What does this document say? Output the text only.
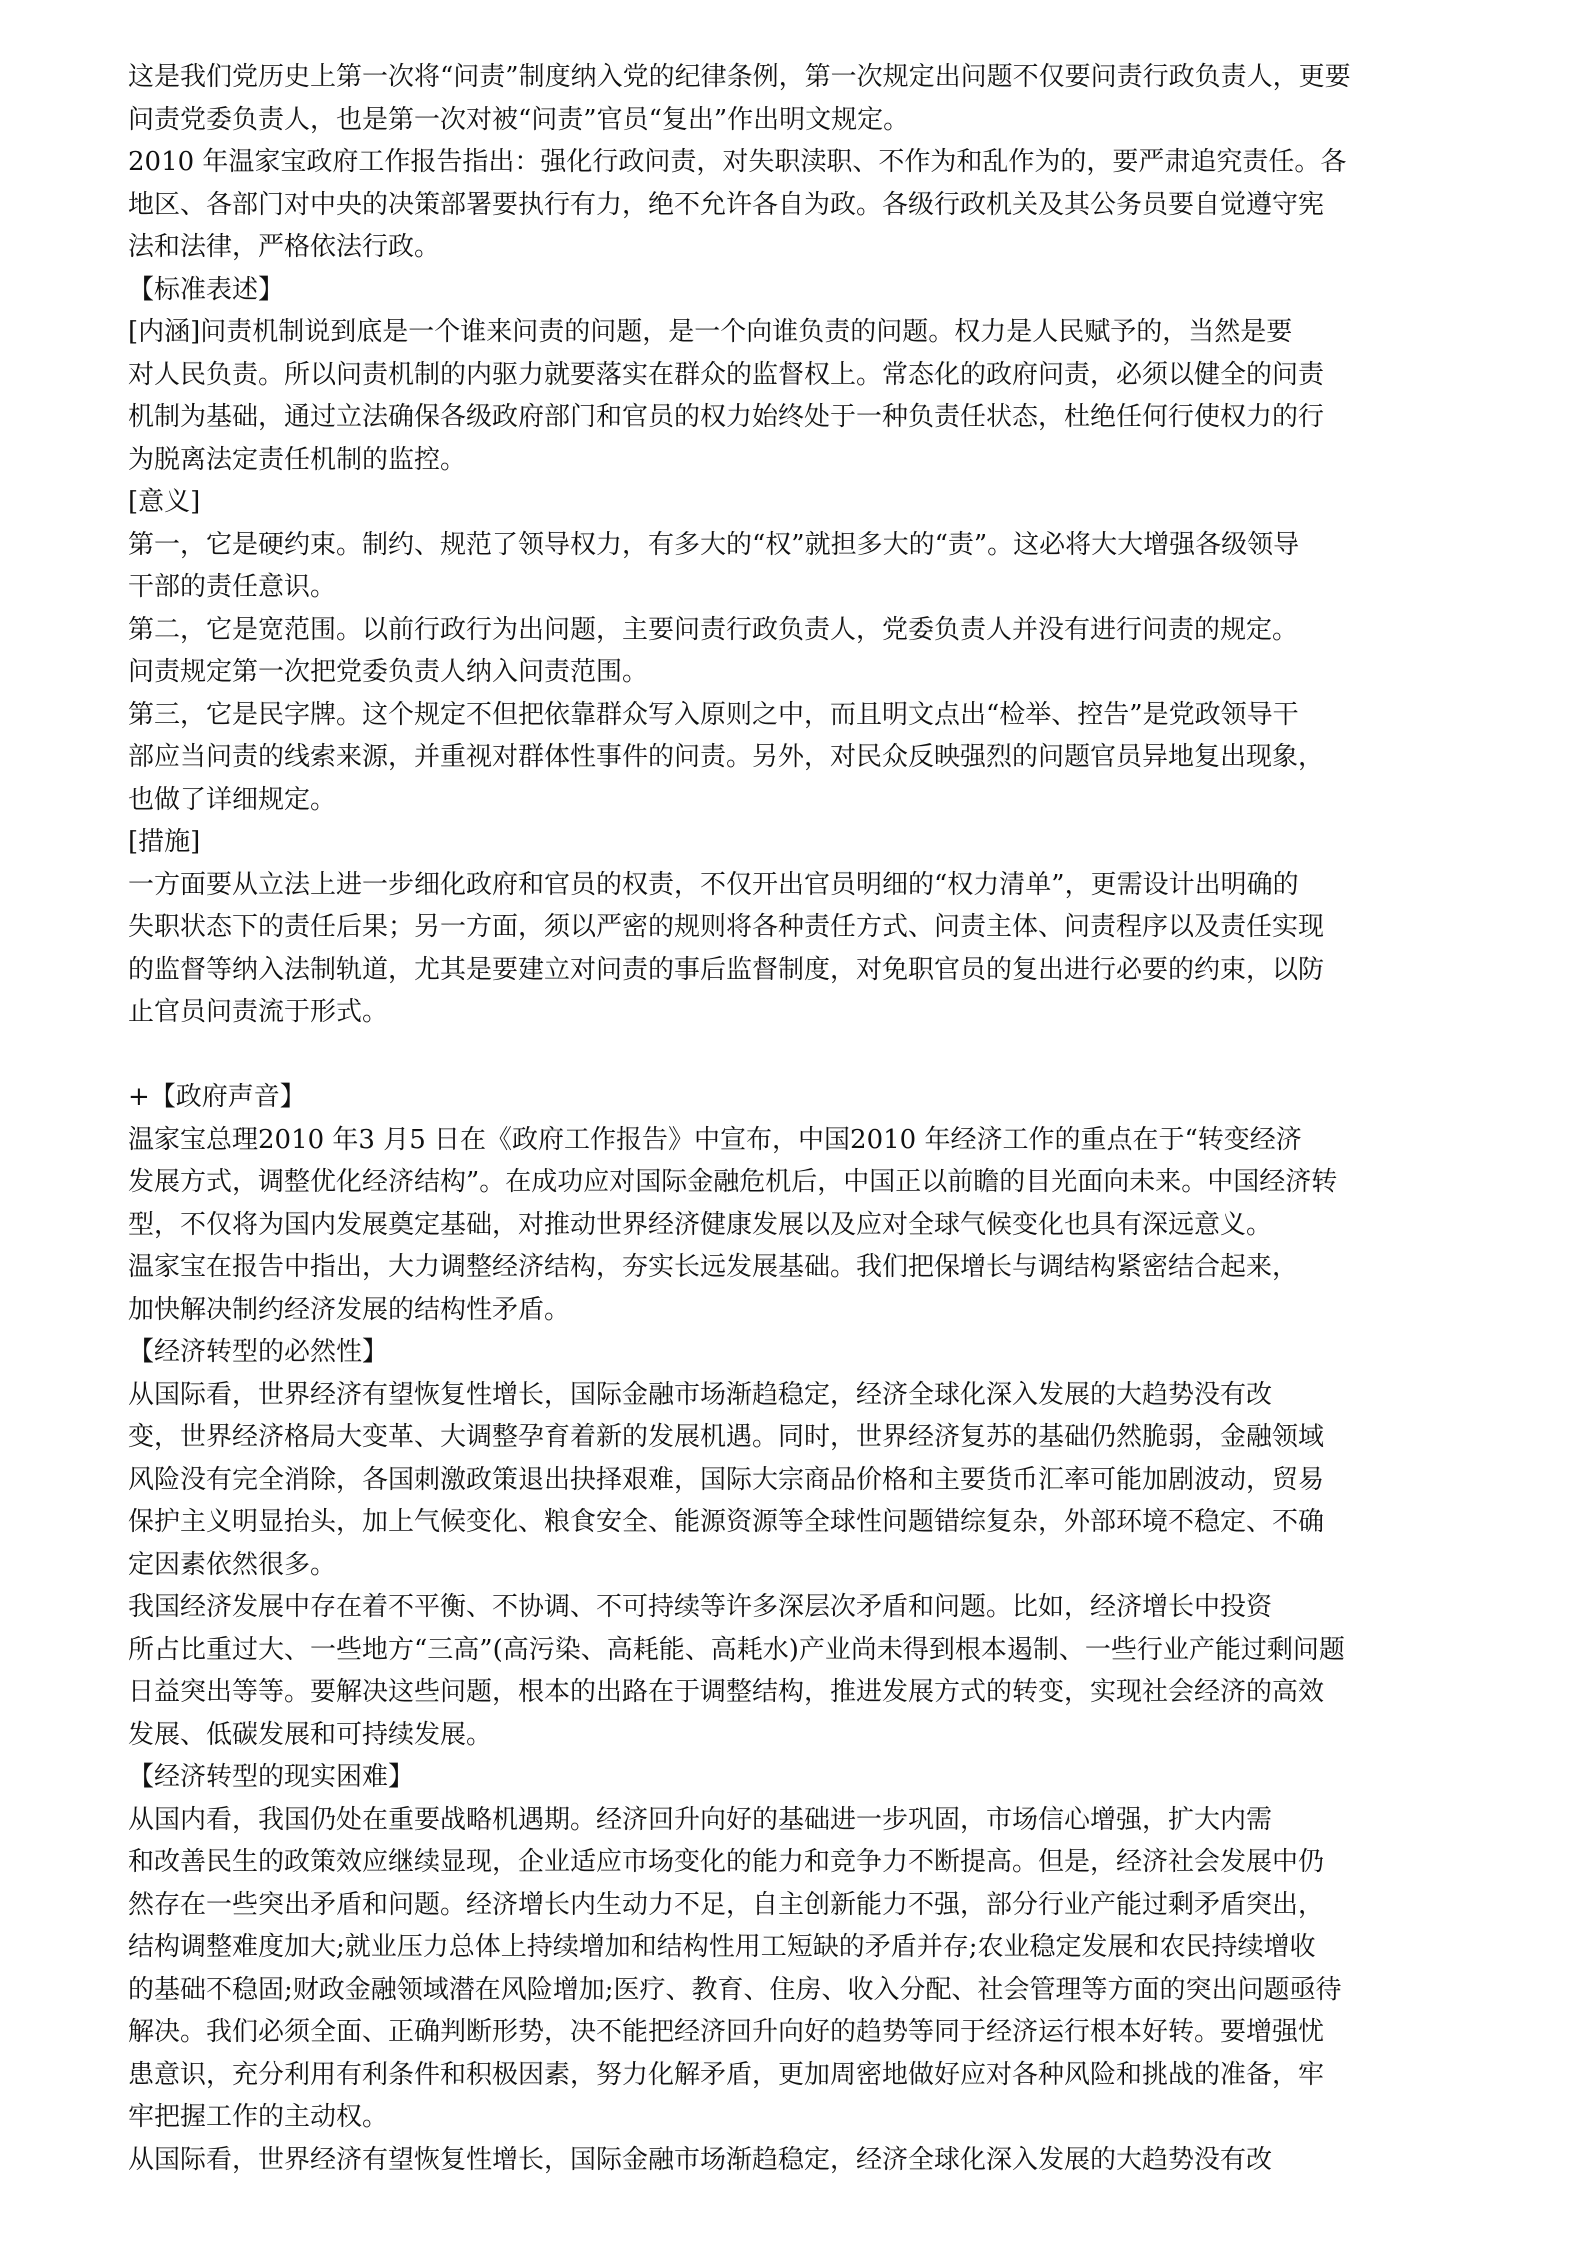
这是我们党历史上第一次将“问责”制度纳入党的纪律条例，第一次规定出问题不仅要问责行政负责人，更要
问责党委负责人，也是第一次对被“问责”官员“复出”作出明文规定。
2010 年温家宝政府工作报告指出：强化行政问责，对失职渎职、不作为和乱作为的，要严肃追究责任。各
地区、各部门对中央的决策部署要执行有力，绝不允许各自为政。各级行政机关及其公务员要自觉遵守宪
法和法律，严格依法行政。
【标准表述】
[内涵]问责机制说到底是一个谁来问责的问题，是一个向谁负责的问题。权力是人民赋予的，当然是要
对人民负责。所以问责机制的内驱力就要落实在群众的监督权上。常态化的政府问责，必须以健全的问责
机制为基础，通过立法确保各级政府部门和官员的权力始终处于一种负责任状态，杜绝任何行使权力的行
为脱离法定责任机制的监控。
[意义]
第一，它是硬约束。制约、规范了领导权力，有多大的“权”就担多大的“责”。这必将大大增强各级领导
干部的责任意识。
第二，它是宽范围。以前行政行为出问题，主要问责行政负责人，党委负责人并没有进行问责的规定。
问责规定第一次把党委负责人纳入问责范围。
第三，它是民字牌。这个规定不但把依靠群众写入原则之中，而且明文点出“检举、控告”是党政领导干
部应当问责的线索来源，并重视对群体性事件的问责。另外，对民众反映强烈的问题官员异地复出现象，
也做了详细规定。
[措施]
一方面要从立法上进一步细化政府和官员的权责，不仅开出官员明细的“权力清单”，更需设计出明确的
失职状态下的责任后果；另一方面，须以严密的规则将各种责任方式、问责主体、问责程序以及责任实现
的监督等纳入法制轨道，尤其是要建立对问责的事后监督制度，对免职官员的复出进行必要的约束，以防
止官员问责流于形式。
+【政府声音】
温家宝总理2010 年3 月5 日在《政府工作报告》中宣布，中国2010 年经济工作的重点在于“转变经济
发展方式，调整优化经济结构”。在成功应对国际金融危机后，中国正以前瞻的目光面向未来。中国经济转
型，不仅将为国内发展奠定基础，对推动世界经济健康发展以及应对全球气候变化也具有深远意义。
温家宝在报告中指出，大力调整经济结构，夯实长远发展基础。我们把保增长与调结构紧密结合起来，
加快解决制约经济发展的结构性矛盾。
【经济转型的必然性】
从国际看，世界经济有望恢复性增长，国际金融市场渐趋稳定，经济全球化深入发展的大趋势没有改
变，世界经济格局大变革、大调整孕育着新的发展机遇。同时，世界经济复苏的基础仍然脆弱，金融领域
风险没有完全消除，各国刺激政策退出抉择艰难，国际大宗商品价格和主要货币汇率可能加剧波动，贸易
保护主义明显抬头，加上气候变化、粮食安全、能源资源等全球性问题错综复杂，外部环境不稳定、不确
定因素依然很多。
我国经济发展中存在着不平衡、不协调、不可持续等许多深层次矛盾和问题。比如，经济增长中投资
所占比重过大、一些地方“三高”(高污染、高耗能、高耗水)产业尚未得到根本遏制、一些行业产能过剩问题
日益突出等等。要解决这些问题，根本的出路在于调整结构，推进发展方式的转变，实现社会经济的高效
发展、低碳发展和可持续发展。
【经济转型的现实困难】
从国内看，我国仍处在重要战略机遇期。经济回升向好的基础进一步巩固，市场信心增强，扩大内需
和改善民生的政策效应继续显现，企业适应市场变化的能力和竞争力不断提高。但是，经济社会发展中仍
然存在一些突出矛盾和问题。经济增长内生动力不足，自主创新能力不强，部分行业产能过剩矛盾突出，
结构调整难度加大;就业压力总体上持续增加和结构性用工短缺的矛盾并存;农业稳定发展和农民持续增收
的基础不稳固;财政金融领域潜在风险增加;医疗、教育、住房、收入分配、社会管理等方面的突出问题亟待
解决。我们必须全面、正确判断形势，决不能把经济回升向好的趋势等同于经济运行根本好转。要增强忧
患意识，充分利用有利条件和积极因素，努力化解矛盾，更加周密地做好应对各种风险和挑战的准备，牢
牢把握工作的主动权。
从国际看，世界经济有望恢复性增长，国际金融市场渐趋稳定，经济全球化深入发展的大趋势没有改
